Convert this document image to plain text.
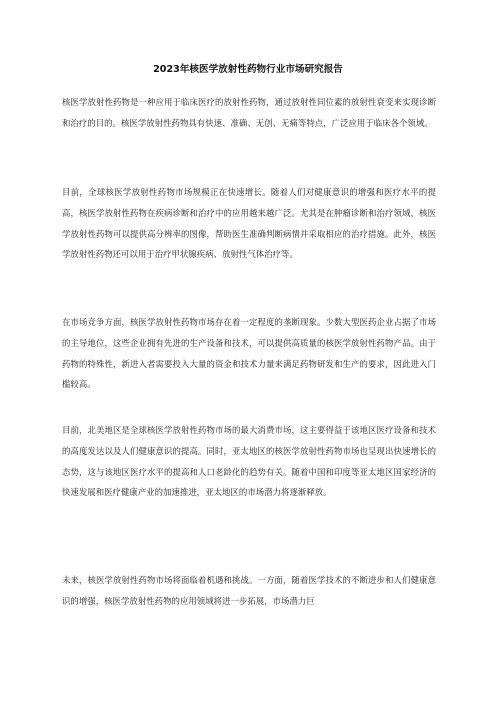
2023年核医学放射性药物行业市场研究报告

核医学放射性药物是一种应用于临床医疗的放射性药物，通过放射性同位素的放射性衰变来实现诊断和治疗的目的。核医学放射性药物具有快速、准确、无创、无痛等特点，广泛应用于临床各个领域。

目前，全球核医学放射性药物市场规模正在快速增长。随着人们对健康意识的增强和医疗水平的提高，核医学放射性药物在疾病诊断和治疗中的应用越来越广泛。尤其是在肿瘤诊断和治疗领域，核医学放射性药物可以提供高分辨率的图像，帮助医生准确判断病情并采取相应的治疗措施。此外，核医学放射性药物还可以用于治疗甲状腺疾病、放射性气体治疗等。

在市场竞争方面，核医学放射性药物市场存在着一定程度的垄断现象。少数大型医药企业占据了市场的主导地位，这些企业拥有先进的生产设备和技术，可以提供高质量的核医学放射性药物产品。由于药物的特殊性，新进入者需要投入大量的资金和技术力量来满足药物研发和生产的要求，因此进入门槛较高。

目前，北美地区是全球核医学放射性药物市场的最大消费市场，这主要得益于该地区医疗设备和技术的高度发达以及人们健康意识的提高。同时，亚太地区的核医学放射性药物市场也呈现出快速增长的态势，这与该地区医疗水平的提高和人口老龄化的趋势有关。随着中国和印度等亚太地区国家经济的快速发展和医疗健康产业的加速推进，亚太地区的市场潜力将逐渐释放。

未来，核医学放射性药物市场将面临着机遇和挑战。一方面，随着医学技术的不断进步和人们健康意识的增强，核医学放射性药物的应用领域将进一步拓展，市场潜力巨
